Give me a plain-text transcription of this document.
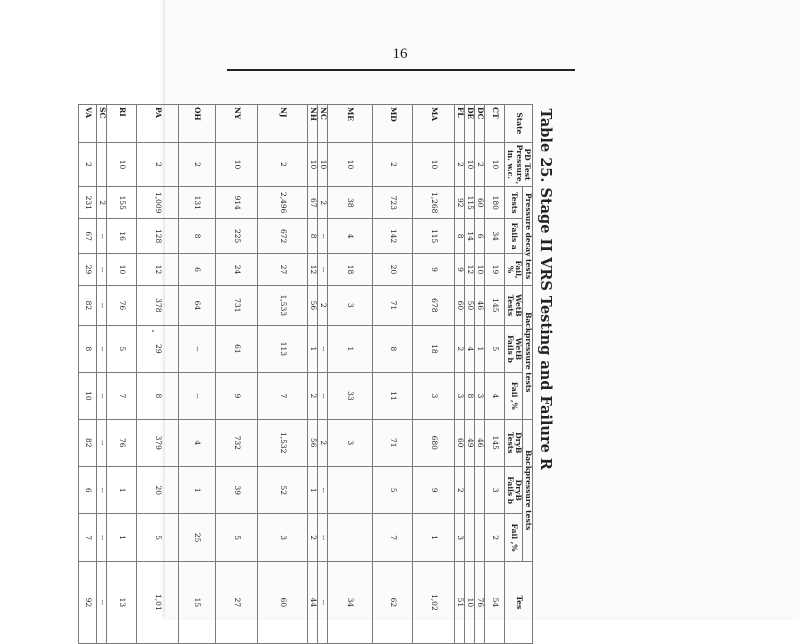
16
Table 25. Stage II VRS Testing and Failure R											
State	PD Test Pressure, in. w.c.	Pressure decay tests			Backpressure tests			Backpressure tests			Tes
		Tests	Fails a	Fail, %	WetB Tests	WetB Fails b	Fail ,%	DryB Tests	DryB Fails b	Fail ,%	
CT	10	180	34	19	145	5	4	145	3	2	54
DC	2	60	6	10	46	1	3	46			76
DE	10	115	14	12	50	4	8	49			10
FL	2	92	8	9	60	2	3	60	2	3	51
MA	10	1,268	115	9	678	18	3	680	9	1	1,02
MD	2	723	142	20	71	8	11	71	5	7	62
ME	10	38	4	18	3	1	33	3			34
NC	10	2	--	--	2	--	--	2	--	--	--
NH	10	67	8	12	56	1	2	56	1	2	44
NJ	2	2,496	672	27	1,533	113	7	1,532	52	3	60
NY	10	914	225	24	731	61	9	732	39	5	27
OH	2	131	8	6	64	--	--	4	1	25	15
PA	2	1,009	128	12	378	29	8	379	20	5	1,01
RI	10	155	16	10	76	5	7	76	1	1	13
SC		2	--	--	--	--	--	--	--	--	--
VA	2	231	67	29	82	8	10	82	6	7	92
